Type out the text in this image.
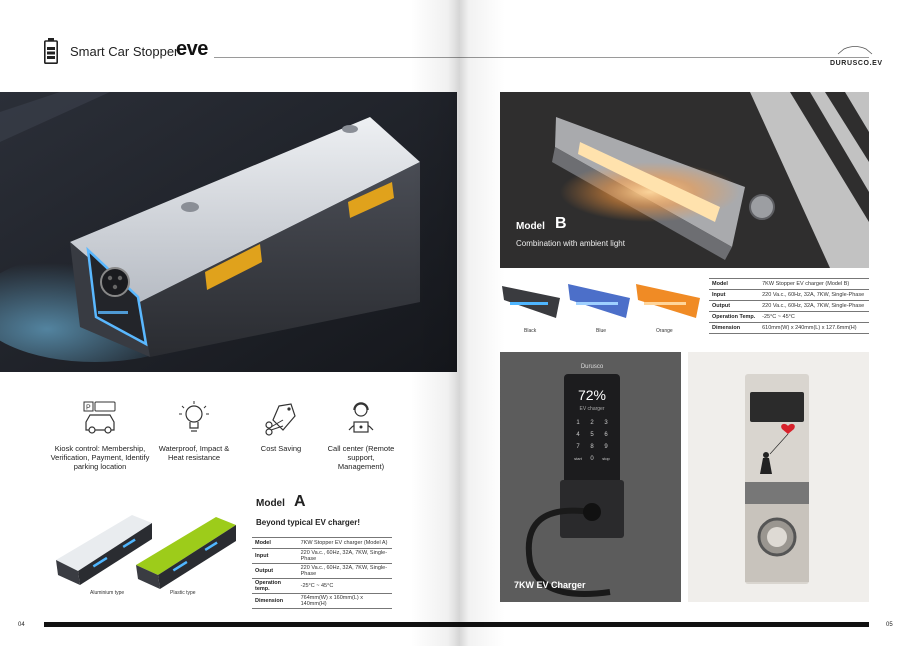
Smart Car Stopper
eve
P
Kiosk control: Membership, Verification, Payment, Identify parking location
Waterproof, Impact & Heat resistance
Cost Saving	Call center (Remote support, Management)
Aluminium type	Plastic type
Model A
Beyond typical EV charger!
Model	7KW Stopper EV charger (Model A)
Input	220 Va.c., 60Hz, 32A, 7KW, Single-Phase
Output	220 Va.c., 60Hz, 32A, 7KW, Single-Phase
Operation temp.	-25°C ~ 45°C
Dimension	764mm(W) x 160mm(L) x 140mm(H)
04
DURUSCO.EV
Model B
Combination with ambient light
Black	Blue	Orange
Model	7KW Stopper EV charger (Model B)
Input	220 Va.c., 60Hz, 32A, 7KW, Single-Phase
Output	220 Va.c., 60Hz, 32A, 7KW, Single-Phase
Operation Temp.	-25°C ~ 45°C
Dimension	610mm(W) x 240mm(L) x 127.6mm(H)
Durusco
72%
EV charger
1 2 3
4 5 6
7 8 9
start 0 stop
7KW EV Charger
05
